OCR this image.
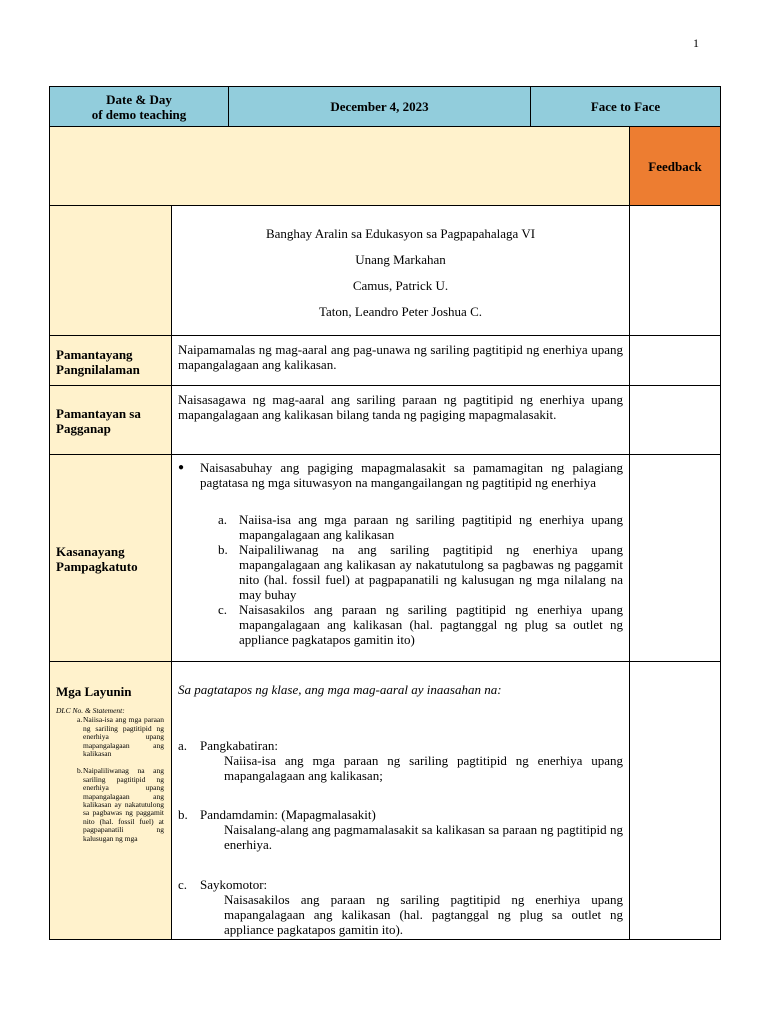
1
Date & Day
of demo teaching	December 4, 2023	Face to Face
Feedback
Banghay Aralin sa Edukasyon sa Pagpapahalaga VI
Unang Markahan
Camus, Patrick U.
Taton, Leandro Peter Joshua C.
Pamantayang
Pangnilalaman
Naipamamalas ng mag-aaral ang pag-unawa ng sariling pagtitipid ng enerhiya upang mapangalagaan ang kalikasan.
Pamantayan sa
Pagganap
Naisasagawa ng mag-aaral ang sariling paraan ng pagtitipid ng enerhiya upang mapangalagaan ang kalikasan bilang tanda ng pagiging mapagmalasakit.
Kasanayang
Pampagkatuto
● Naisasabuhay ang pagiging mapagmalasakit sa pamamagitan ng palagiang pagtatasa ng mga situwasyon na mangangailangan ng pagtitipid ng enerhiya
a. Naiisa-isa ang mga paraan ng sariling pagtitipid ng enerhiya upang mapangalagaan ang kalikasan
b. Naipaliliwanag na ang sariling pagtitipid ng enerhiya upang mapangalagaan ang kalikasan ay nakatutulong sa pagbawas ng paggamit nito (hal. fossil fuel) at pagpapanatili ng kalusugan ng mga nilalang na may buhay
c. Naisasakilos ang paraan ng sariling pagtitipid ng enerhiya upang mapangalagaan ang kalikasan (hal. pagtanggal ng plug sa outlet ng appliance pagkatapos gamitin ito)
Mga Layunin
DLC No. & Statement:
a. Naiisa-isa ang mga paraan ng sariling pagtitipid ng enerhiya upang mapangalagaan ang kalikasan
b. Naipaliliwanag na ang sariling pagtitipid ng enerhiya upang mapangalagaan ang kalikasan ay nakatutulong sa pagbawas ng paggamit nito (hal. fossil fuel) at pagpapanatili ng kalusugan ng mga
Sa pagtatapos ng klase, ang mga mag-aaral ay inaasahan na:
a. Pangkabatiran:
Naiisa-isa ang mga paraan ng sariling pagtitipid ng enerhiya upang mapangalagaan ang kalikasan;
b. Pandamdamin: (Mapagmalasakit)
Naisalang-alang ang pagmamalasakit sa kalikasan sa paraan ng pagtitipid ng enerhiya.
c. Saykomotor:
Naisasakilos ang paraan ng sariling pagtitipid ng enerhiya upang mapangalagaan ang kalikasan (hal. pagtanggal ng plug sa outlet ng appliance pagkatapos gamitin ito).
